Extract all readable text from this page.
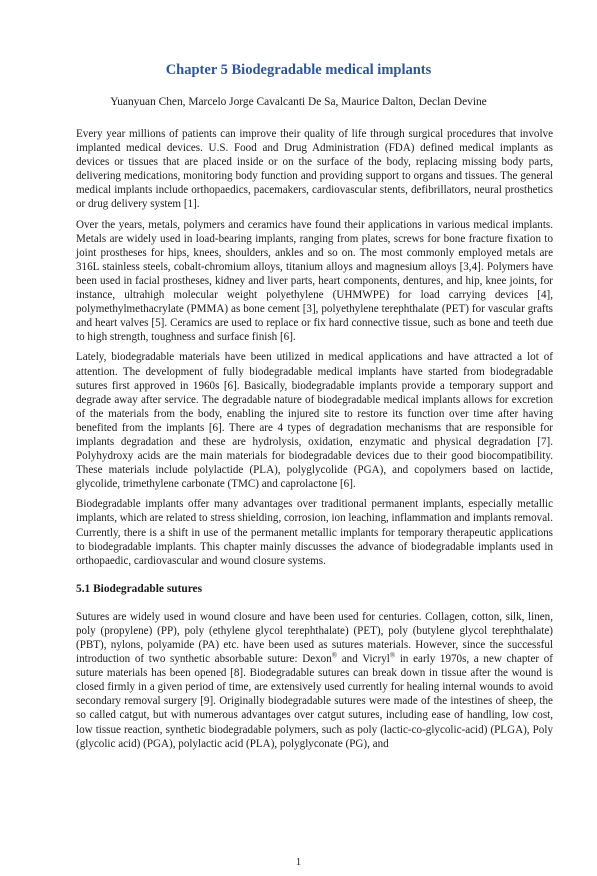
Chapter 5 Biodegradable medical implants
Yuanyuan Chen, Marcelo Jorge Cavalcanti De Sa, Maurice Dalton, Declan Devine

Every year millions of patients can improve their quality of life through surgical procedures that involve implanted medical devices. U.S. Food and Drug Administration (FDA) defined medical implants as devices or tissues that are placed inside or on the surface of the body, replacing missing body parts, delivering medications, monitoring body function and providing support to organs and tissues. The general medical implants include orthopaedics, pacemakers, cardiovascular stents, defibrillators, neural prosthetics or drug delivery system [1].

Over the years, metals, polymers and ceramics have found their applications in various medical implants. Metals are widely used in load-bearing implants, ranging from plates, screws for bone fracture fixation to joint prostheses for hips, knees, shoulders, ankles and so on. The most commonly employed metals are 316L stainless steels, cobalt-chromium alloys, titanium alloys and magnesium alloys [3,4]. Polymers have been used in facial prostheses, kidney and liver parts, heart components, dentures, and hip, knee joints, for instance, ultrahigh molecular weight polyethylene (UHMWPE) for load carrying devices [4], polymethylmethacrylate (PMMA) as bone cement [3], polyethylene terephthalate (PET) for vascular grafts and heart valves [5]. Ceramics are used to replace or fix hard connective tissue, such as bone and teeth due to high strength, toughness and surface finish [6].

Lately, biodegradable materials have been utilized in medical applications and have attracted a lot of attention. The development of fully biodegradable medical implants have started from biodegradable sutures first approved in 1960s [6]. Basically, biodegradable implants provide a temporary support and degrade away after service. The degradable nature of biodegradable medical implants allows for excretion of the materials from the body, enabling the injured site to restore its function over time after having benefited from the implants [6]. There are 4 types of degradation mechanisms that are responsible for implants degradation and these are hydrolysis, oxidation, enzymatic and physical degradation [7]. Polyhydroxy acids are the main materials for biodegradable devices due to their good biocompatibility. These materials include polylactide (PLA), polyglycolide (PGA), and copolymers based on lactide, glycolide, trimethylene carbonate (TMC) and caprolactone [6].

Biodegradable implants offer many advantages over traditional permanent implants, especially metallic implants, which are related to stress shielding, corrosion, ion leaching, inflammation and implants removal. Currently, there is a shift in use of the permanent metallic implants for temporary therapeutic applications to biodegradable implants. This chapter mainly discusses the advance of biodegradable implants used in orthopaedic, cardiovascular and wound closure systems.

5.1 Biodegradable sutures

Sutures are widely used in wound closure and have been used for centuries. Collagen, cotton, silk, linen, poly (propylene) (PP), poly (ethylene glycol terephthalate) (PET), poly (butylene glycol terephthalate) (PBT), nylons, polyamide (PA) etc. have been used as sutures materials. However, since the successful introduction of two synthetic absorbable suture: Dexon® and Vicryl® in early 1970s, a new chapter of suture materials has been opened [8]. Biodegradable sutures can break down in tissue after the wound is closed firmly in a given period of time, are extensively used currently for healing internal wounds to avoid secondary removal surgery [9]. Originally biodegradable sutures were made of the intestines of sheep, the so called catgut, but with numerous advantages over catgut sutures, including ease of handling, low cost, low tissue reaction, synthetic biodegradable polymers, such as poly (lactic-co-glycolic-acid) (PLGA), Poly (glycolic acid) (PGA), polylactic acid (PLA), polyglyconate (PG), and

1
